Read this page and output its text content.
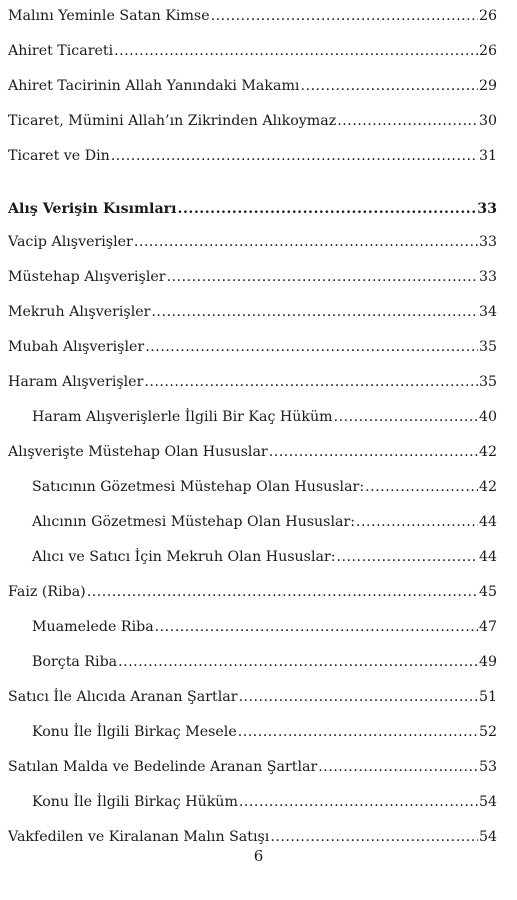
Malını Yeminle Satan Kimse .....	26
Ahiret Ticareti .....	26
Ahiret Tacirinin Allah Yanındaki Makamı .....	29
Ticaret, Mümini Allah’ın Zikrinden Alıkoymaz .....	30
Ticaret ve Din .....	31
Alış Verişin Kısımları .....	33
Vacip Alışverişler .....	33
Müstehap Alışverişler .....	33
Mekruh Alışverişler .....	34
Mubah Alışverişler .....	35
Haram Alışverişler .....	35
Haram Alışverişlerle İlgili Bir Kaç Hüküm .....	40
Alışverişte Müstehap Olan Hususlar .....	42
Satıcının Gözetmesi Müstehap Olan Hususlar: .....	42
Alıcının Gözetmesi Müstehap Olan Hususlar: .....	44
Alıcı ve Satıcı İçin Mekruh Olan Hususlar: .....	44
Faiz (Riba) .....	45
Muamelede Riba .....	47
Borçta Riba .....	49
Satıcı İle Alıcıda Aranan Şartlar .....	51
Konu İle İlgili Birkaç Mesele .....	52
Satılan Malda ve Bedelinde Aranan Şartlar .....	53
Konu İle İlgili Birkaç Hüküm .....	54
Vakfedilen ve Kiralanan Malın Satışı .....	54
6
